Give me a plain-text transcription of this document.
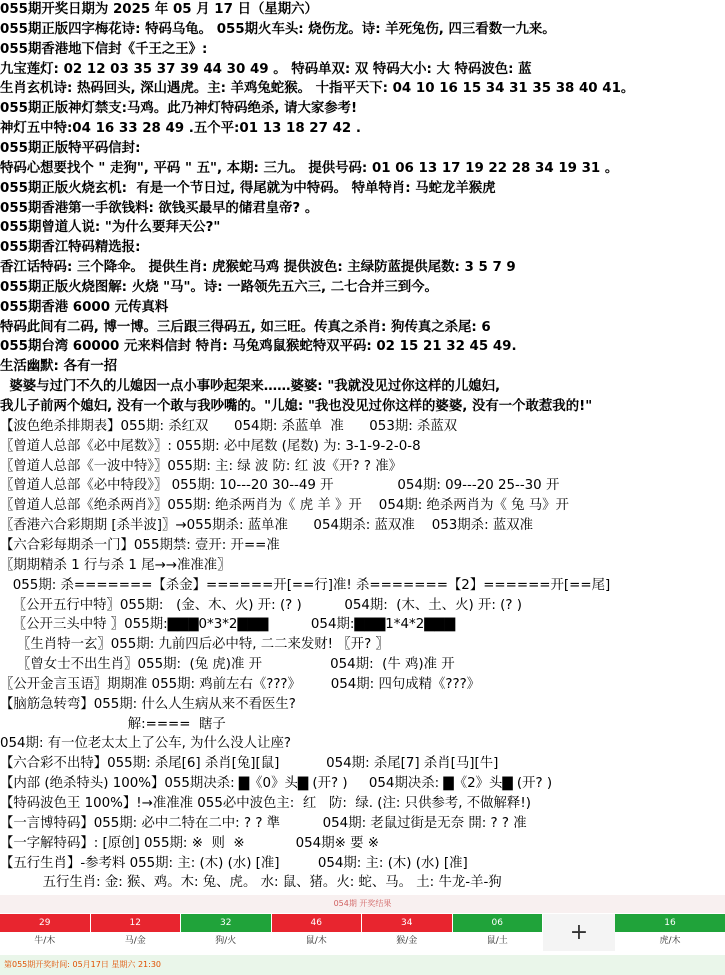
055期开奖日期为 2025 年 05 月 17 日（星期六）
055期正版四字梅花诗: 特码乌龟。 055期火车头: 烧伤龙。诗: 羊死兔伤, 四三看数一九来。
055期香港地下信封《千王之王》:
九宝莲灯: 02 12 03 35 37 39 44 30 49 。 特码单双: 双 特码大小: 大 特码波色: 蓝
生肖玄机诗: 热码回头, 深山遇虎。主: 羊鸡兔蛇猴。 十指平天下: 04 10 16 15 34 31 35 38 40 41。
055期正版神灯禁支:马鸡。此乃神灯特码绝杀, 请大家参考!
神灯五中特:04 16 33 28 49 .五个平:01 13 18 27 42 .
055期正版特平码信封:
特码心想要找个 " 走狗", 平码 " 五", 本期: 三九。 提供号码: 01 06 13 17 19 22 28 34 19 31 。
055期正版火烧玄机:  有是一个节日过, 得尾就为中特码。 特单特肖: 马蛇龙羊猴虎
055期香港第一手欲钱料: 欲钱买最早的储君皇帝? 。
055期曾道人说: "为什么要拜天公?"
055期香江特码精选报:
香江话特码: 三个降伞。 提供生肖: 虎猴蛇马鸡 提供波色: 主绿防蓝提供尾数: 3 5 7 9
055期正版火烧图解: 火烧 "马"。诗: 一路领先五六三, 二七合并三到今。
055期香港 6000 元传真料
特码此间有二码, 博一博。三后跟三得码五, 如三旺。传真之杀肖: 狗传真之杀尾: 6
055期台湾 60000 元来料信封 特肖: 马兔鸡鼠猴蛇特双平码: 02 15 21 32 45 49.
生活幽默: 各有一招
婆婆与过门不久的儿媳因一点小事吵起架来……婆婆: "我就没见过你这样的儿媳妇,
我儿子前两个媳妇, 没有一个敢与我吵嘴的。"儿媳: "我也没见过你这样的婆婆, 没有一个敢惹我的!"
【波色绝杀排期表】055期: 杀红双      054期: 杀蓝单  准      053期: 杀蓝双
〖曾道人总部《必中尾数》〗: 055期: 必中尾数 (尾数) 为: 3-1-9-2-0-8
〖曾道人总部《一波中特》〗055期: 主: 绿 波 防: 红 波《开? ? 准》
〖曾道人总部《必中特段》〗 055期: 10---20 30--49 开               054期: 09---20 25--30 开
〖曾道人总部《绝杀两肖》〗055期: 绝杀两肖为《 虎 羊 》开    054期: 绝杀两肖为《 兔 马》开
〖香港六合彩期期 [杀半波]〗→055期杀: 蓝单准      054期杀: 蓝双准    053期杀: 蓝双准
【六合彩每期杀一门】055期禁: 壹开: 开==准
〖期期精杀 1 行与杀 1 尾→→准准准〗
055期: 杀=======【杀金】======开[==行]准! 杀=======【2】======开[==尾]
〖公开五行中特〗055期:   (金、木、火) 开: (? )          054期:  (木、土、火) 开: (? )
〖公开三头中特 〗055期:▇▇▇0*3*2▇▇▇          054期:▇▇▇1*4*2▇▇▇
〖生肖特一玄〗055期: 九前四后必中特, 二二来发财! 〖开? 〗
〖曾女士不出生肖〗055期:  (兔 虎)准 开                054期:  (牛 鸡)准 开
〖公开金言玉语〗期期准 055期: 鸡前左右《???》       054期: 四句成精《???》
【脑筋急转弯】055期: 什么人生病从来不看医生?
解:====  瞎子
054期: 有一位老太太上了公车, 为什么没人让座?
【六合彩不出特】055期: 杀尾[6] 杀肖[兔][鼠]           054期: 杀尾[7] 杀肖[马][牛]
【内部 (绝杀特头) 100%】055期决杀: ▇《0》头▇ (开? )     054期决杀: ▇《2》头▇ (开? )
【特码波色王 100%】!→准准准 055必中波色主:  红   防:  绿. (注: 只供参考, 不做解释!)
【一言博特码】055期: 必中二特在二中: ? ? 準          054期: 老鼠过街是无奈 開: ? ? 准
【一字解特码】: [原创] 055期: ※  则  ※            054期※ 要 ※
【五行生肖】-参考料 055期: 主: (木) (水) [准]         054期: 主: (木) (水) [准]
五行生肖: 金: 猴、鸡。木: 兔、虎。 水: 鼠、猪。火: 蛇、马。 土: 牛龙-羊-狗
054期 开奖结果
29
牛/木
12
马/金
32
狗/火
46
鼠/木
34
猴/金
06
鼠/土
16
虎/木
+
第055期开奖时间: 05月17日 星期六 21:30
